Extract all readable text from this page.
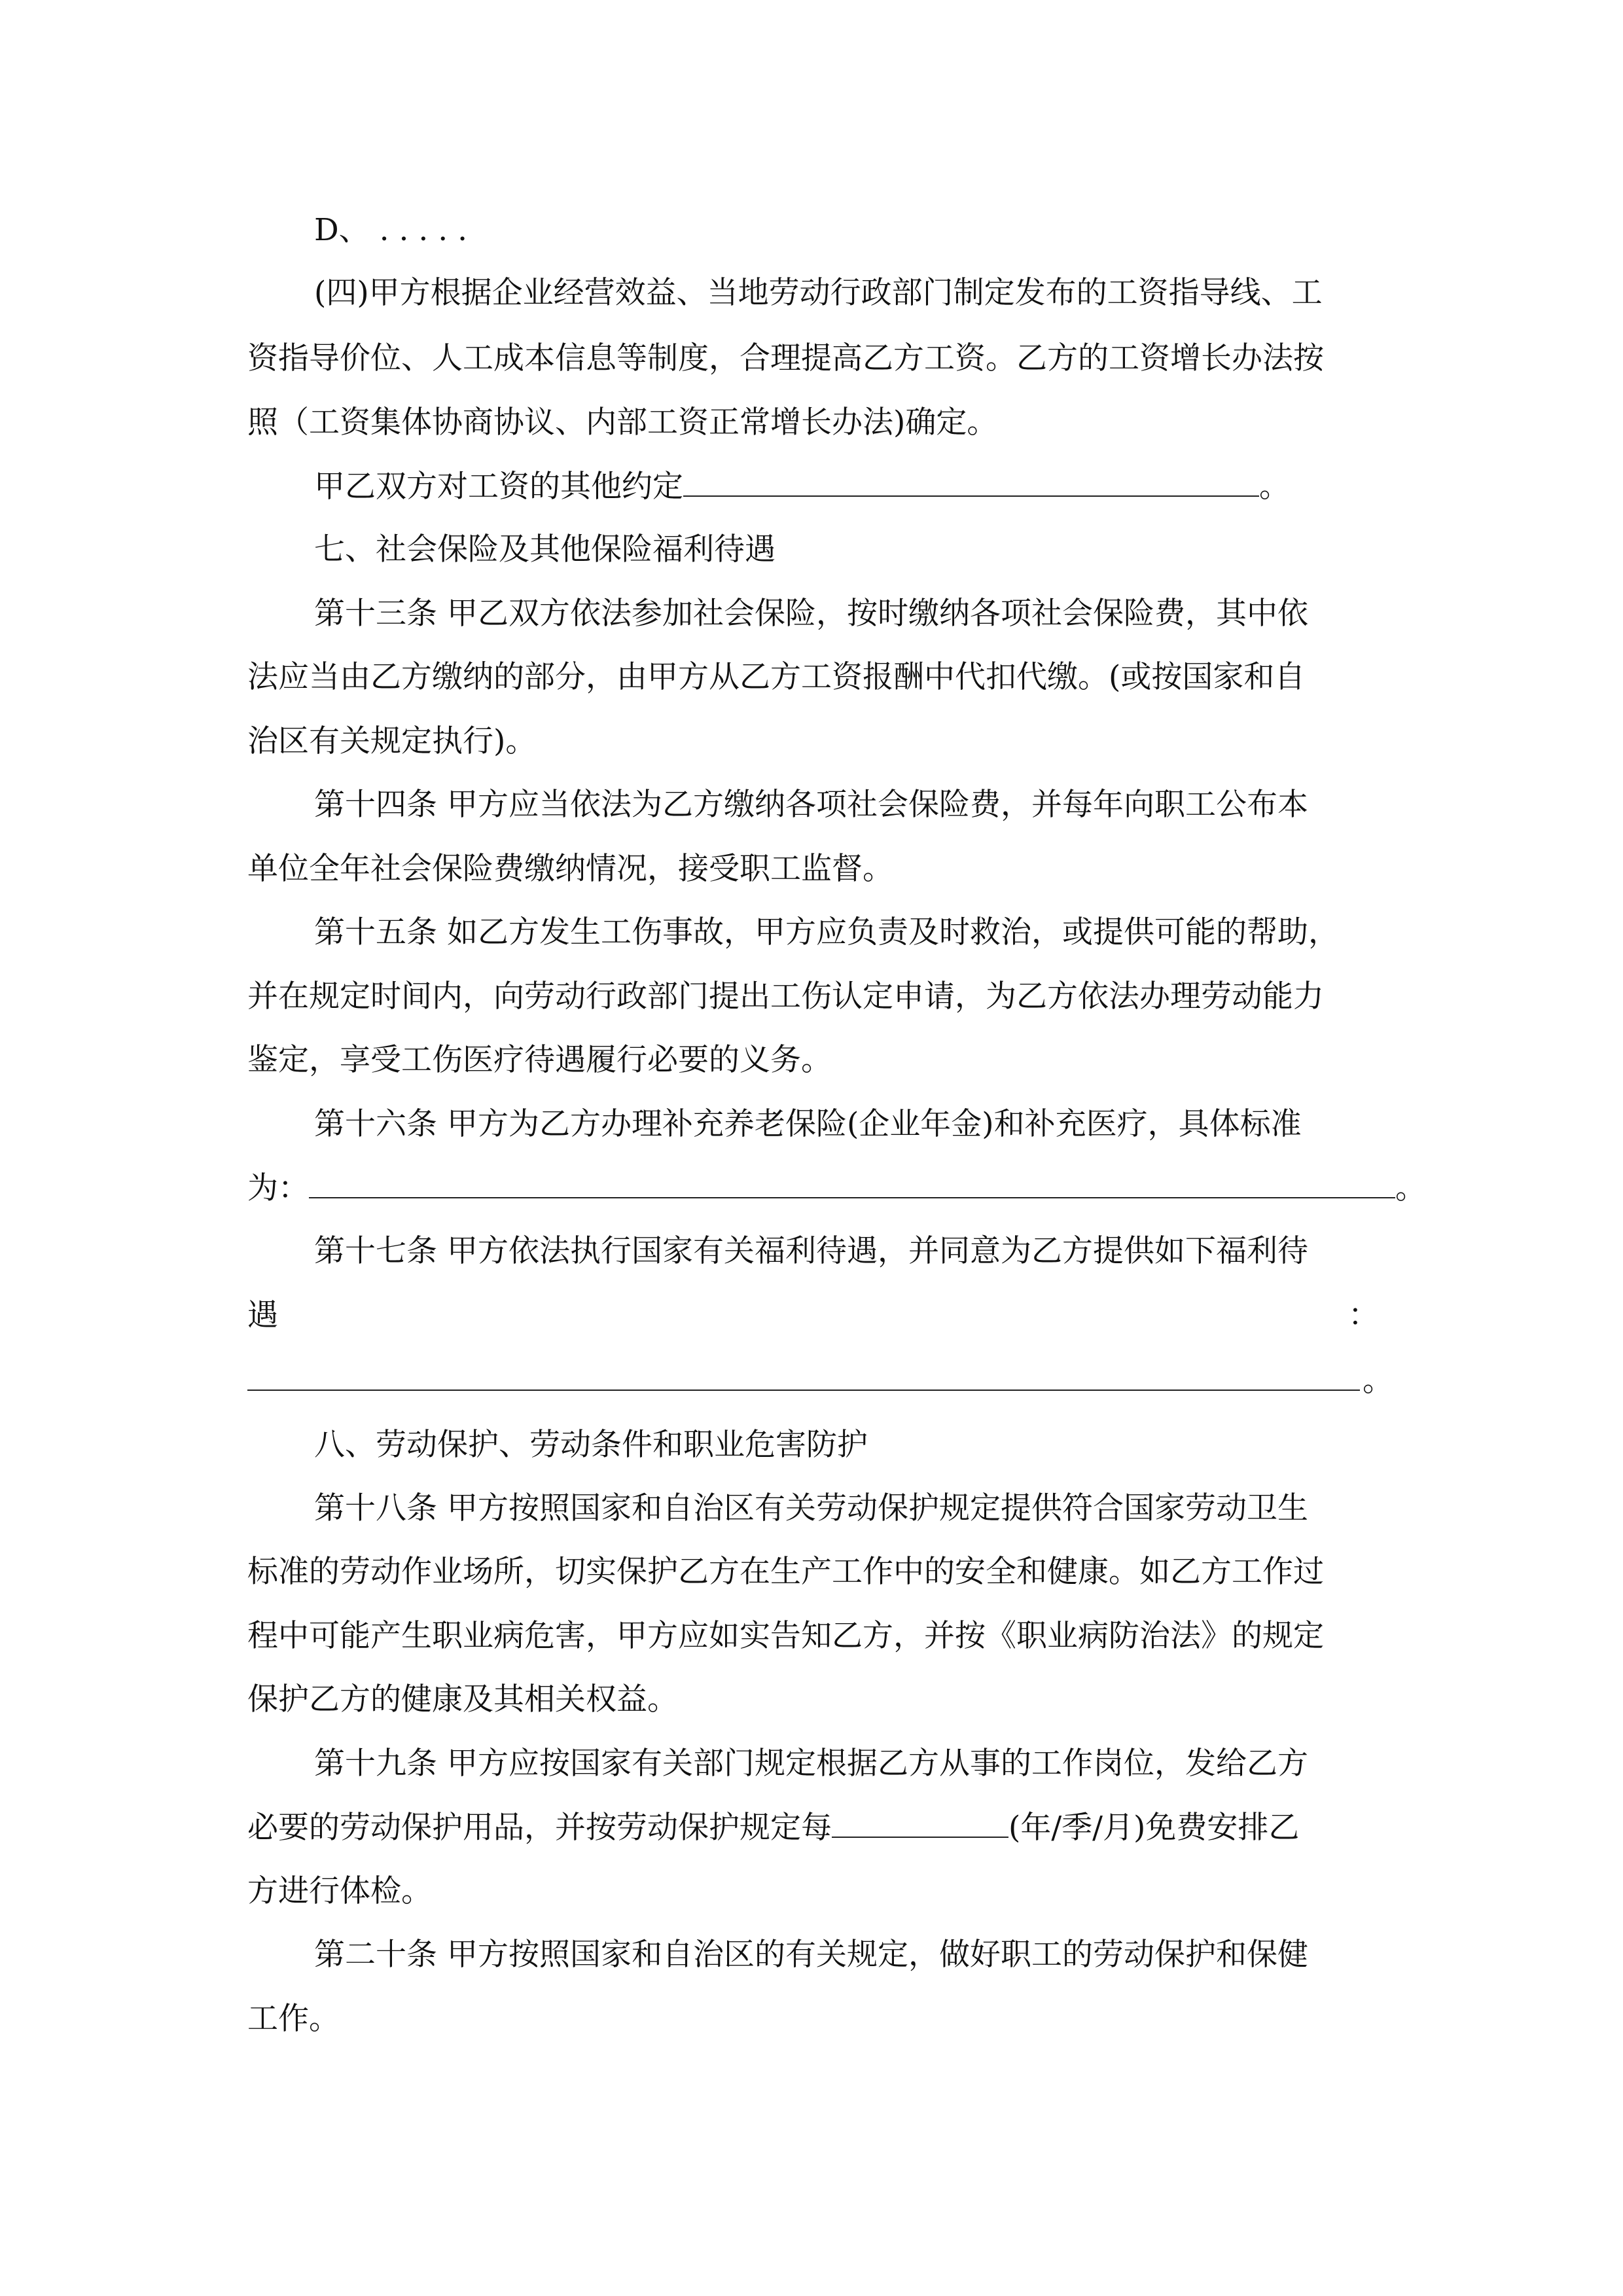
D、 . . . . .
(四)甲方根据企业经营效益、当地劳动行政部门制定发布的工资指导线、工
资指导价位、人工成本信息等制度，合理提高乙方工资。乙方的工资增长办法按
照（工资集体协商协议、内部工资正常增长办法)确定。
甲乙双方对工资的其他约定	。
七、社会保险及其他保险福利待遇
第十三条 甲乙双方依法参加社会保险，按时缴纳各项社会保险费，其中依
法应当由乙方缴纳的部分，由甲方从乙方工资报酬中代扣代缴。(或按国家和自
治区有关规定执行)。
第十四条 甲方应当依法为乙方缴纳各项社会保险费，并每年向职工公布本
单位全年社会保险费缴纳情况，接受职工监督。
第十五条 如乙方发生工伤事故，甲方应负责及时救治，或提供可能的帮助，
并在规定时间内，向劳动行政部门提出工伤认定申请，为乙方依法办理劳动能力
鉴定，享受工伤医疗待遇履行必要的义务。
第十六条 甲方为乙方办理补充养老保险(企业年金)和补充医疗，具体标准
为：	。
第十七条 甲方依法执行国家有关福利待遇，并同意为乙方提供如下福利待
遇	：
。
八、劳动保护、劳动条件和职业危害防护
第十八条 甲方按照国家和自治区有关劳动保护规定提供符合国家劳动卫生
标准的劳动作业场所，切实保护乙方在生产工作中的安全和健康。如乙方工作过
程中可能产生职业病危害，甲方应如实告知乙方，并按《职业病防治法》的规定
保护乙方的健康及其相关权益。
第十九条 甲方应按国家有关部门规定根据乙方从事的工作岗位，发给乙方
必要的劳动保护用品，并按劳动保护规定每	(年/季/月)免费安排乙
方进行体检。
第二十条 甲方按照国家和自治区的有关规定，做好职工的劳动保护和保健
工作。
